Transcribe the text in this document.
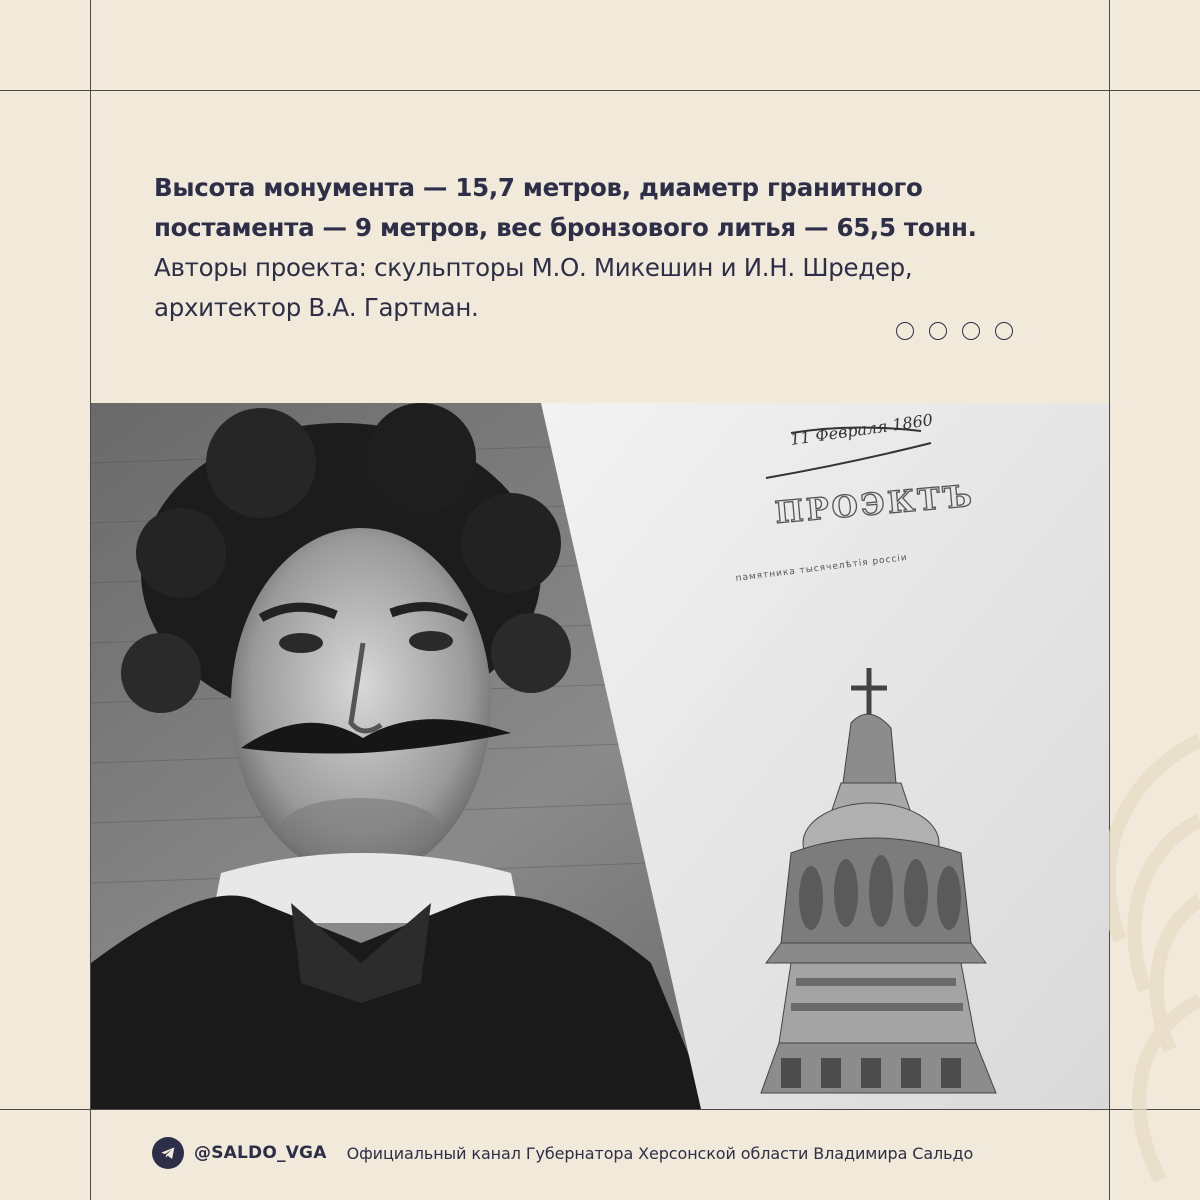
Высота монумента — 15,7 метров, диаметр гранитного постамента — 9 метров, вес бронзового литья — 65,5 тонн. Авторы проекта: скульпторы М.О. Микешин и И.Н. Шредер, архитектор В.А. Гартман.
11 Февраля 1860
ПРОЭКТЪ
памятника тысячелѣтiя россiи
@SALDO_VGA Официальный канал Губернатора Херсонской области Владимира Сальдо
